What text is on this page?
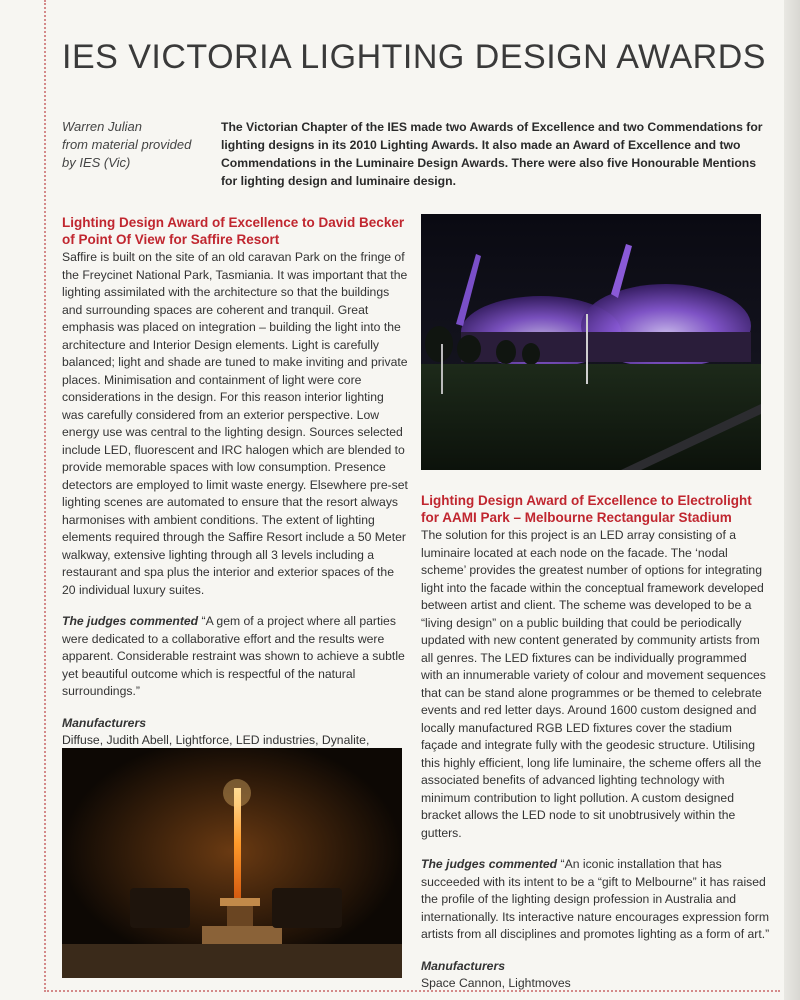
IES VICTORIA LIGHTING DESIGN AWARDS
Warren Julian
from material provided
by IES (Vic)
The Victorian Chapter of the IES made two Awards of Excellence and two Commendations for lighting designs in its 2010 Lighting Awards. It also made an Award of Excellence and two Commendations in the Luminaire Design Awards. There were also five Honourable Mentions for lighting design and luminaire design.
Lighting Design Award of Excellence to David Becker of Point Of View for Saffire Resort

Saffire is built on the site of an old caravan Park on the fringe of the Freycinet National Park, Tasmiania. It was important that the lighting assimilated with the architecture so that the buildings and surrounding spaces are coherent and tranquil. Great emphasis was placed on integration – building the light into the architecture and Interior Design elements. Light is carefully balanced; light and shade are tuned to make inviting and private places. Minimisation and containment of light were core considerations in the design. For this reason interior lighting was carefully considered from an exterior perspective. Low energy use was central to the lighting design. Sources selected include LED, fluorescent and IRC halogen which are blended to provide memorable spaces with low consumption. Presence detectors are employed to limit waste energy. Elsewhere pre-set lighting scenes are automated to ensure that the resort always harmonises with ambient conditions. The extent of lighting elements required through the Saffire Resort include a 50 Meter walkway, extensive lighting through all 3 levels including a restaurant and spa plus the interior and exterior spaces of the 20 individual luxury suites.

The judges commented “A gem of a project where all parties were dedicated to a collaborative effort and the results were apparent. Considerable restraint was shown to achieve a subtle yet beautiful outcome which is respectful of the natural surroundings.”

Manufacturers

Diffuse, Judith Abell, Lightforce, LED industries, Dynalite,

Lighting Design Award of Excellence to Electrolight for AAMI Park – Melbourne Rectangular Stadium

The solution for this project is an LED array consisting of a luminaire located at each node on the facade. The ‘nodal scheme’ provides the greatest number of options for integrating light into the facade within the conceptual framework developed between artist and client. The scheme was developed to be a “living design” on a public building that could be periodically updated with new content generated by community artists from all genres. The LED fixtures can be individually programmed with an innumerable variety of colour and movement sequences that can be stand alone programmes or be themed to celebrate events and red letter days. Around 1600 custom designed and locally manufactured RGB LED fixtures cover the stadium façade and integrate fully with the geodesic structure. Utilising this highly efficient, long life luminaire, the scheme offers all the associated benefits of advanced lighting technology with minimum contribution to light pollution. A custom designed bracket allows the LED node to sit unobtrusively within the gutters.

The judges commented “An iconic installation that has succeeded with its intent to be a “gift to Melbourne” it has raised the profile of the lighting design profession in Australia and internationally. Its interactive nature encourages expression form artists from all disciplines and promotes lighting as a form of art.”

Manufacturers

Space Cannon, Lightmoves
